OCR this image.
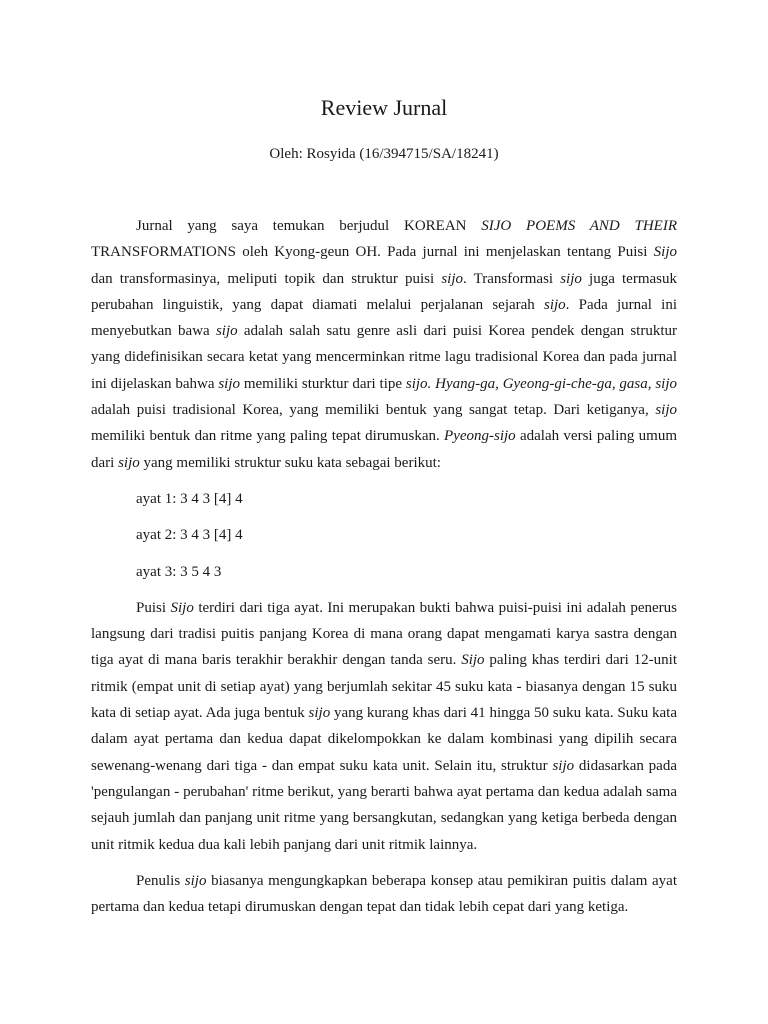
Review Jurnal
Oleh: Rosyida (16/394715/SA/18241)

Jurnal yang saya temukan berjudul KOREAN SIJO POEMS AND THEIR TRANSFORMATIONS oleh Kyong-geun OH. Pada jurnal ini menjelaskan tentang Puisi Sijo dan transformasinya, meliputi topik dan struktur puisi sijo. Transformasi sijo juga termasuk perubahan linguistik, yang dapat diamati melalui perjalanan sejarah sijo. Pada jurnal ini menyebutkan bawa sijo adalah salah satu genre asli dari puisi Korea pendek dengan struktur yang didefinisikan secara ketat yang mencerminkan ritme lagu tradisional Korea dan pada jurnal ini dijelaskan bahwa sijo memiliki sturktur dari tipe sijo. Hyang-ga, Gyeong-gi-che-ga, gasa, sijo adalah puisi tradisional Korea, yang memiliki bentuk yang sangat tetap. Dari ketiganya, sijo memiliki bentuk dan ritme yang paling tepat dirumuskan. Pyeong-sijo adalah versi paling umum dari sijo yang memiliki struktur suku kata sebagai berikut:

ayat 1: 3 4 3 [4] 4

ayat 2: 3 4 3 [4] 4

ayat 3: 3 5 4 3

Puisi Sijo terdiri dari tiga ayat. Ini merupakan bukti bahwa puisi-puisi ini adalah penerus langsung dari tradisi puitis panjang Korea di mana orang dapat mengamati karya sastra dengan tiga ayat di mana baris terakhir berakhir dengan tanda seru. Sijo paling khas terdiri dari 12-unit ritmik (empat unit di setiap ayat) yang berjumlah sekitar 45 suku kata - biasanya dengan 15 suku kata di setiap ayat. Ada juga bentuk sijo yang kurang khas dari 41 hingga 50 suku kata. Suku kata dalam ayat pertama dan kedua dapat dikelompokkan ke dalam kombinasi yang dipilih secara sewenang-wenang dari tiga - dan empat suku kata unit. Selain itu, struktur sijo didasarkan pada 'pengulangan - perubahan' ritme berikut, yang berarti bahwa ayat pertama dan kedua adalah sama sejauh jumlah dan panjang unit ritme yang bersangkutan, sedangkan yang ketiga berbeda dengan unit ritmik kedua dua kali lebih panjang dari unit ritmik lainnya.

Penulis sijo biasanya mengungkapkan beberapa konsep atau pemikiran puitis dalam ayat pertama dan kedua tetapi dirumuskan dengan tepat dan tidak lebih cepat dari yang ketiga.
